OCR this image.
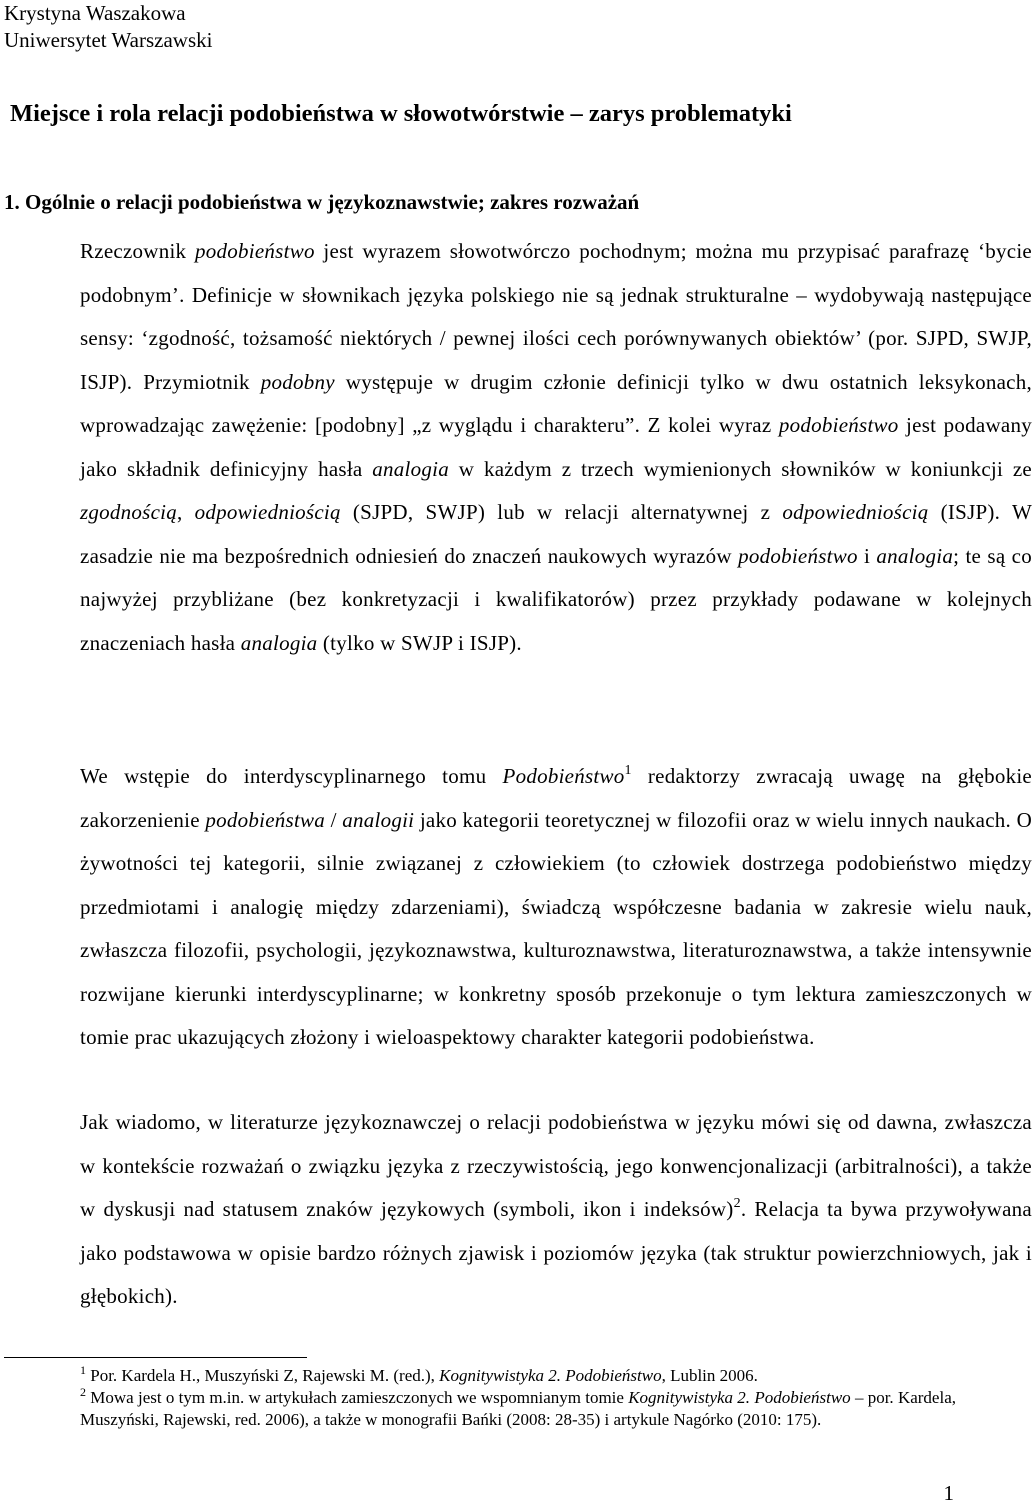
Krystyna Waszakowa
Uniwersytet Warszawski
Miejsce i rola relacji podobieństwa w słowotwórstwie – zarys problematyki
1. Ogólnie o relacji podobieństwa w językoznawstwie; zakres rozważań
Rzeczownik podobieństwo jest wyrazem słowotwórczo pochodnym; można mu przypisać parafrazę ‘bycie podobnym’. Definicje w słownikach języka polskiego nie są jednak strukturalne – wydobywają następujące sensy: ‘zgodność, tożsamość niektórych / pewnej ilości cech porównywanych obiektów’ (por. SJPD, SWJP, ISJP). Przymiotnik podobny występuje w drugim członie definicji tylko w dwu ostatnich leksykonach, wprowadzając zawężenie: [podobny] „z wyglądu i charakteru”. Z kolei wyraz podobieństwo jest podawany jako składnik definicyjny hasła analogia w każdym z trzech wymienionych słowników w koniunkcji ze zgodnością, odpowiedniością (SJPD, SWJP) lub w relacji alternatywnej z odpowiedniością (ISJP). W zasadzie nie ma bezpośrednich odniesień do znaczeń naukowych wyrazów podobieństwo i analogia; te są co najwyżej przybliżane (bez konkretyzacji i kwalifikatorów) przez przykłady podawane w kolejnych znaczeniach hasła analogia (tylko w SWJP i ISJP).
We wstępie do interdyscyplinarnego tomu Podobieństwo$^1$ redaktorzy zwracają uwagę na głębokie zakorzenienie podobieństwa / analogii jako kategorii teoretycznej w filozofii oraz w wielu innych naukach. O żywotności tej kategorii, silnie związanej z człowiekiem (to człowiek dostrzega podobieństwo między przedmiotami i analogię między zdarzeniami), świadczą współczesne badania w zakresie wielu nauk, zwłaszcza filozofii, psychologii, językoznawstwa, kulturoznawstwa, literaturoznawstwa, a także intensywnie rozwijane kierunki interdyscyplinarne; w konkretny sposób przekonuje o tym lektura zamieszczonych w tomie prac ukazujących złożony i wieloaspektowy charakter kategorii podobieństwa.
Jak wiadomo, w literaturze językoznawczej o relacji podobieństwa w języku mówi się od dawna, zwłaszcza w kontekście rozważań o związku języka z rzeczywistością, jego konwencjonalizacji (arbitralności), a także w dyskusji nad statusem znaków językowych (symboli, ikon i indeksów)$^2$. Relacja ta bywa przywoływana jako podstawowa w opisie bardzo różnych zjawisk i poziomów języka (tak struktur powierzchniowych, jak i głębokich).
$^1$ Por. Kardela H., Muszyński Z, Rajewski M. (red.), Kognitywistyka 2. Podobieństwo, Lublin 2006.
$^2$ Mowa jest o tym m.in. w artykułach zamieszczonych we wspomnianym tomie Kognitywistyka 2. Podobieństwo – por. Kardela, Muszyński, Rajewski, red. 2006), a także w monografii Bańki (2008: 28-35) i artykule Nagórko (2010: 175).
1
